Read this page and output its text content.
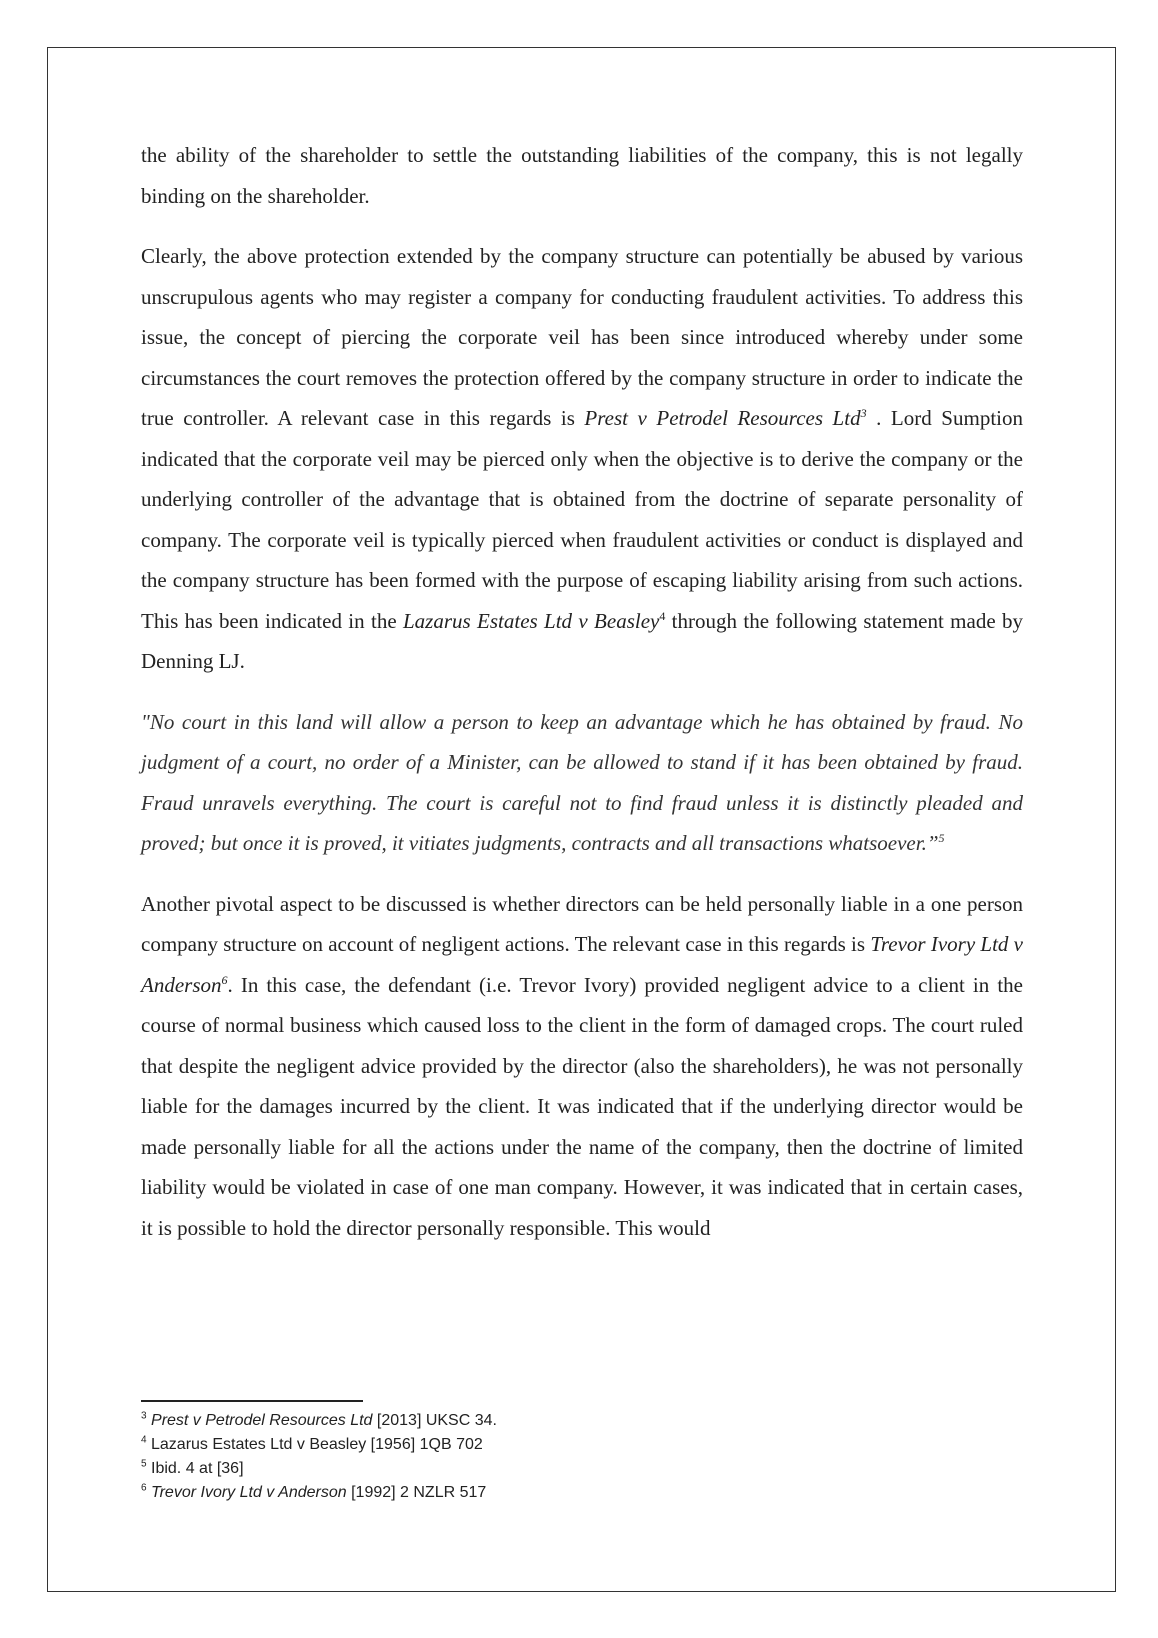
the ability of the shareholder to settle the outstanding liabilities of the company, this is not legally binding on the shareholder.

Clearly, the above protection extended by the company structure can potentially be abused by various unscrupulous agents who may register a company for conducting fraudulent activities. To address this issue, the concept of piercing the corporate veil has been since introduced whereby under some circumstances the court removes the protection offered by the company structure in order to indicate the true controller. A relevant case in this regards is Prest v Petrodel Resources Ltd$^3$ . Lord Sumption indicated that the corporate veil may be pierced only when the objective is to derive the company or the underlying controller of the advantage that is obtained from the doctrine of separate personality of company. The corporate veil is typically pierced when fraudulent activities or conduct is displayed and the company structure has been formed with the purpose of escaping liability arising from such actions. This has been indicated in the Lazarus Estates Ltd v Beasley$^4$ through the following statement made by Denning LJ.

"No court in this land will allow a person to keep an advantage which he has obtained by fraud. No judgment of a court, no order of a Minister, can be allowed to stand if it has been obtained by fraud. Fraud unravels everything. The court is careful not to find fraud unless it is distinctly pleaded and proved; but once it is proved, it vitiates judgments, contracts and all transactions whatsoever.”$^5$

Another pivotal aspect to be discussed is whether directors can be held personally liable in a one person company structure on account of negligent actions. The relevant case in this regards is Trevor Ivory Ltd v Anderson$^6$. In this case, the defendant (i.e. Trevor Ivory) provided negligent advice to a client in the course of normal business which caused loss to the client in the form of damaged crops. The court ruled that despite the negligent advice provided by the director (also the shareholders), he was not personally liable for the damages incurred by the client. It was indicated that if the underlying director would be made personally liable for all the actions under the name of the company, then the doctrine of limited liability would be violated in case of one man company. However, it was indicated that in certain cases, it is possible to hold the director personally responsible. This would

$^3$ Prest v Petrodel Resources Ltd [2013] UKSC 34.
$^4$ Lazarus Estates Ltd v Beasley [1956] 1QB 702
$^5$ Ibid. 4 at [36]
$^6$ Trevor Ivory Ltd v Anderson [1992] 2 NZLR 517
